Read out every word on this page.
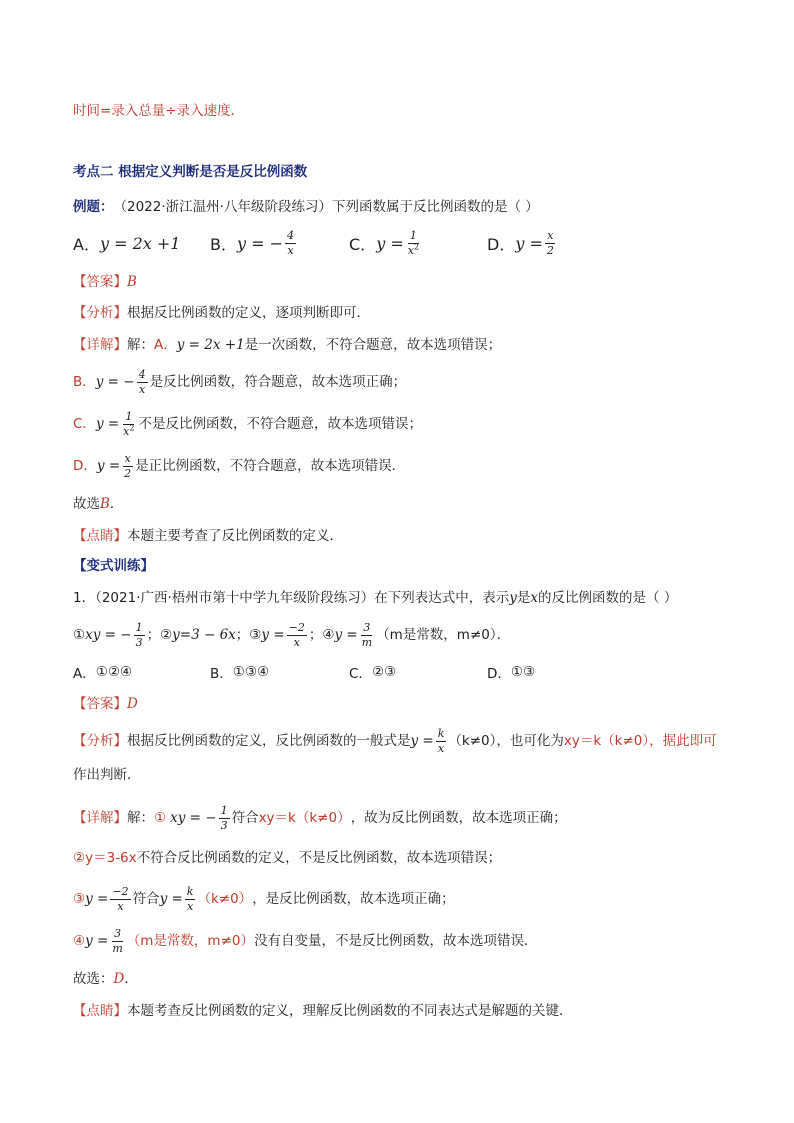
时间=录入总量÷录入速度．
考点二 根据定义判断是否是反比例函数
例题： （2022·浙江温州·八年级阶段练习）下列函数属于反比例函数的是（ ）
A． y = 2x +1 B． y = − $\frac{4}{x}$	C． $y = \frac{1}{x^2}$	D． $y = \frac{x}{2}$
【答案】 B
【分析】 根据反比例函数的定义，逐项判断即可．
【详解】 解： A． y = 2x +1 是一次函数，不符合题意，故本选项错误；
B． y = − $\frac{4}{x}$ 是反比例函数，符合题意，故本选项正确；
C． $y = \frac{1}{x^2}$ 不是反比例函数，不符合题意，故本选项错误；
D． $y = \frac{x}{2}$ 是正比例函数，不符合题意，故本选项错误．
故选 B ．
【点睛】 本题主要考查了反比例函数的定义．
【变式训练】
1．（2021·广西·梧州市第十中学九年级阶段练习）在下列表达式中，表示 y 是 x 的反比例函数的是（ ）
① xy = − $\frac{1}{3}$ ； ② y=3 − 6x ； ③ $y = \frac{-2}{x}$ ； ④ $y = \frac{3}{m} (m$是常数，m≠0）．
A． ①②④	B． ①③④	C． ②③	D． ①③
【答案】 D
【分析】 根据反比例函数的定义，反比例函数的一般式是 $y = \frac{k}{x} (k\ne 0)$，也可化为 xy＝k（k≠0），据此即可
作出判断．
【详解】 解： ① xy = − $\frac{1}{3}$ 符合 xy＝k（k≠0） ，故为反比例函数，故本选项正确；
② y＝3-6x 不符合反比例函数的定义，不是反比例函数，故本选项错误；
③ $y = \frac{-2}{x}$ 符合 $y = \frac{k}{x} (k\ne 0)$ ，是反比例函数，故本选项正确；
④ $y = \frac{3}{m} (m$是常数，m≠0） 没有自变量，不是反比例函数，故本选项错误．
故选： D ．
【点睛】 本题考查反比例函数的定义，理解反比例函数的不同表达式是解题的关键．
